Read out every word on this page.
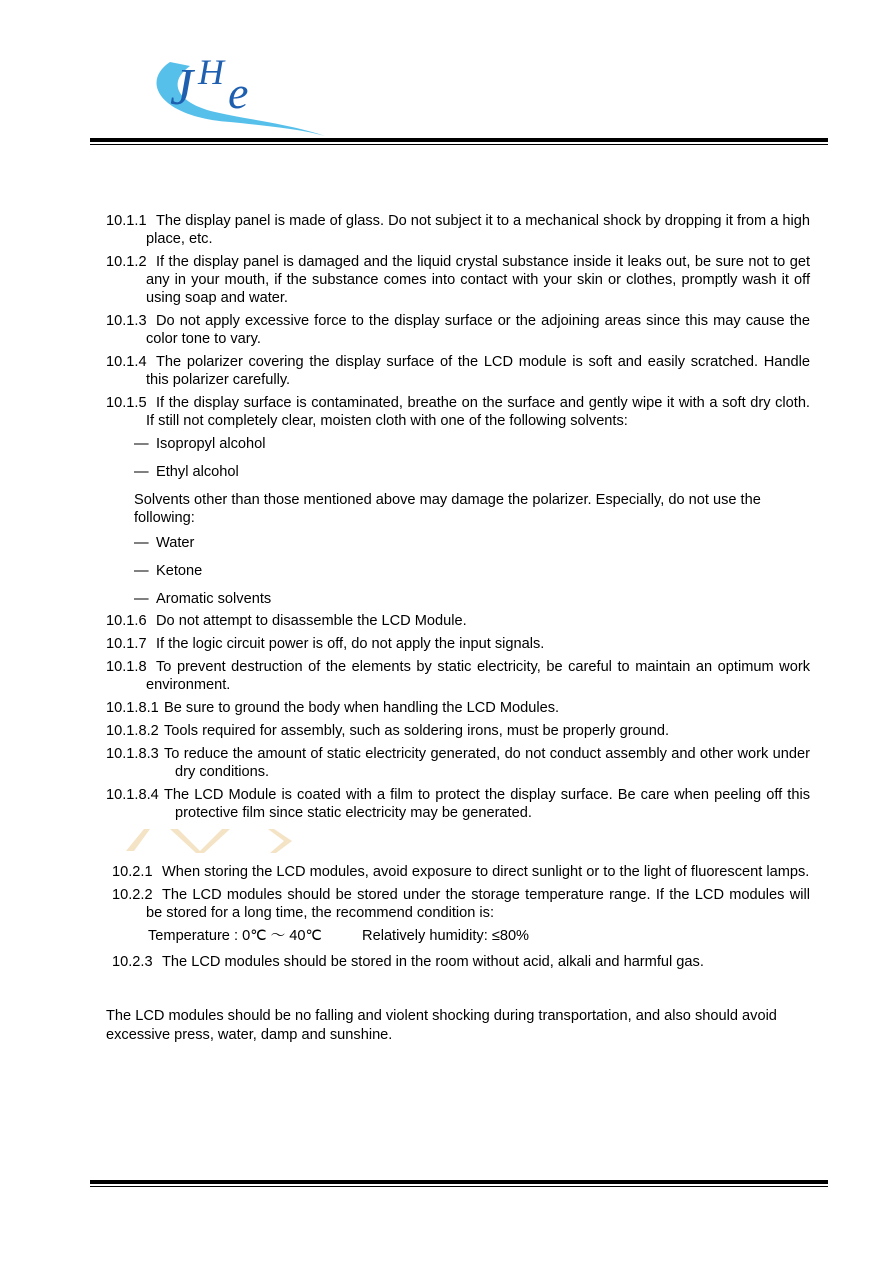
J H e
10.1.1 The display panel is made of glass. Do not subject it to a mechanical shock by dropping it from a high place, etc.
10.1.2 If the display panel is damaged and the liquid crystal substance inside it leaks out, be sure not to get any in your mouth, if the substance comes into contact with your skin or clothes, promptly wash it off using soap and water.
10.1.3 Do not apply excessive force to the display surface or the adjoining areas since this may cause the color tone to vary.
10.1.4 The polarizer covering the display surface of the LCD module is soft and easily scratched. Handle this polarizer carefully.
10.1.5 If the display surface is contaminated, breathe on the surface and gently wipe it with a soft dry cloth. If still not completely clear, moisten cloth with one of the following solvents:
— Isopropyl alcohol
— Ethyl alcohol
Solvents other than those mentioned above may damage the polarizer. Especially, do not use the following:
— Water
— Ketone
— Aromatic solvents
10.1.6 Do not attempt to disassemble the LCD Module.
10.1.7 If the logic circuit power is off, do not apply the input signals.
10.1.8 To prevent destruction of the elements by static electricity, be careful to maintain an optimum work environment.
10.1.8.1 Be sure to ground the body when handling the LCD Modules.
10.1.8.2 Tools required for assembly, such as soldering irons, must be properly ground.
10.1.8.3 To reduce the amount of static electricity generated, do not conduct assembly and other work under dry conditions.
10.1.8.4 The LCD Module is coated with a film to protect the display surface. Be care when peeling off this protective film since static electricity may be generated.
10.2.1 When storing the LCD modules, avoid exposure to direct sunlight or to the light of fluorescent lamps.
10.2.2 The LCD modules should be stored under the storage temperature range. If the LCD modules will be stored for a long time, the recommend condition is:
Temperature : 0℃ ～ 40℃	Relatively humidity: ≤80%
10.2.3 The LCD modules should be stored in the room without acid, alkali and harmful gas.
The LCD modules should be no falling and violent shocking during transportation, and also should avoid excessive press, water, damp and sunshine.
